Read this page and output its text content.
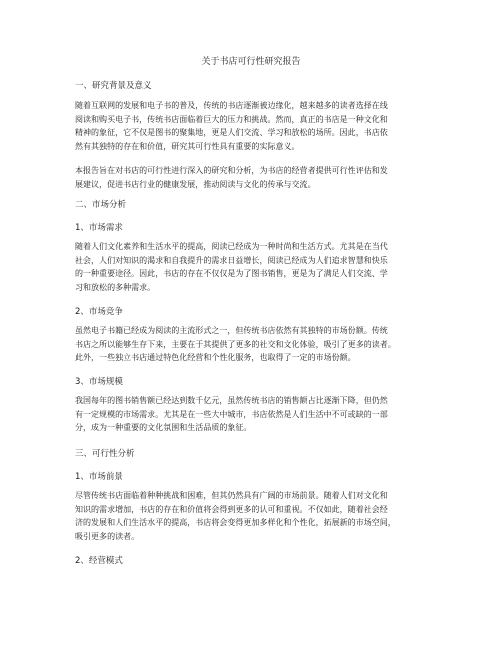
关于书店可行性研究报告
一、研究背景及意义
随着互联网的发展和电子书的普及，传统的书店逐渐被边缘化，越来越多的读者选择在线
阅读和购买电子书，传统书店面临着巨大的压力和挑战。然而，真正的书店是一种文化和
精神的象征，它不仅是图书的聚集地，更是人们交流、学习和放松的场所。因此，书店依
然有其独特的存在和价值，研究其可行性具有重要的实际意义。
本报告旨在对书店的可行性进行深入的研究和分析，为书店的经营者提供可行性评估和发
展建议，促进书店行业的健康发展，推动阅读与文化的传承与交流。
二、市场分析
1、市场需求
随着人们文化素养和生活水平的提高，阅读已经成为一种时尚和生活方式。尤其是在当代
社会，人们对知识的渴求和自我提升的需求日益增长，阅读已经成为人们追求智慧和快乐
的一种重要途径。因此，书店的存在不仅仅是为了图书销售，更是为了满足人们交流、学
习和放松的多种需求。
2、市场竞争
虽然电子书籍已经成为阅读的主流形式之一，但传统书店依然有其独特的市场份额。传统
书店之所以能够生存下来，主要在于其提供了更多的社交和文化体验，吸引了更多的读者。
此外，一些独立书店通过特色化经营和个性化服务，也取得了一定的市场份额。
3、市场规模
我国每年的图书销售额已经达到数千亿元，虽然传统书店的销售额占比逐渐下降，但仍然
有一定规模的市场需求。尤其是在一些大中城市，书店依然是人们生活中不可或缺的一部
分，成为一种重要的文化氛围和生活品质的象征。
三、可行性分析
1、市场前景
尽管传统书店面临着种种挑战和困难，但其仍然具有广阔的市场前景。随着人们对文化和
知识的需求增加，书店的存在和价值将会得到更多的认可和重视。不仅如此，随着社会经
济的发展和人们生活水平的提高，书店将会变得更加多样化和个性化，拓展新的市场空间，
吸引更多的读者。
2、经营模式
